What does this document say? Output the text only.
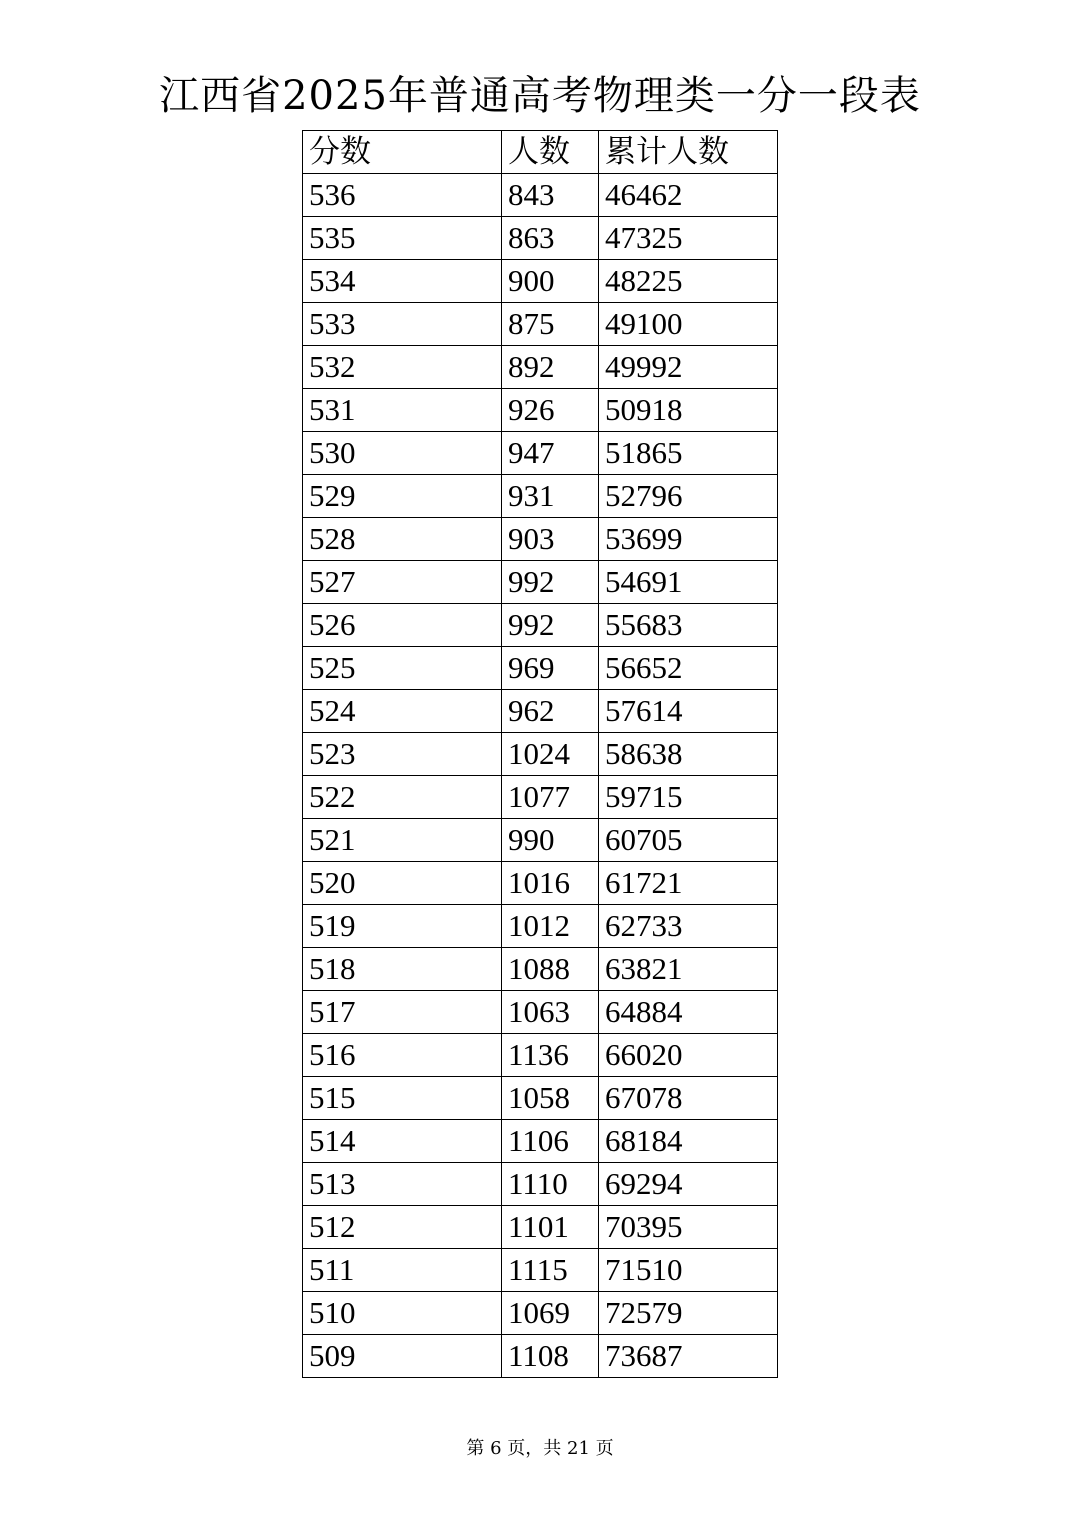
江西省2025年普通高考物理类一分一段表
分数	人数	累计人数
536	843	46462
535	863	47325
534	900	48225
533	875	49100
532	892	49992
531	926	50918
530	947	51865
529	931	52796
528	903	53699
527	992	54691
526	992	55683
525	969	56652
524	962	57614
523	1024	58638
522	1077	59715
521	990	60705
520	1016	61721
519	1012	62733
518	1088	63821
517	1063	64884
516	1136	66020
515	1058	67078
514	1106	68184
513	1110	69294
512	1101	70395
511	1115	71510
510	1069	72579
509	1108	73687
第 6 页，共 21 页
